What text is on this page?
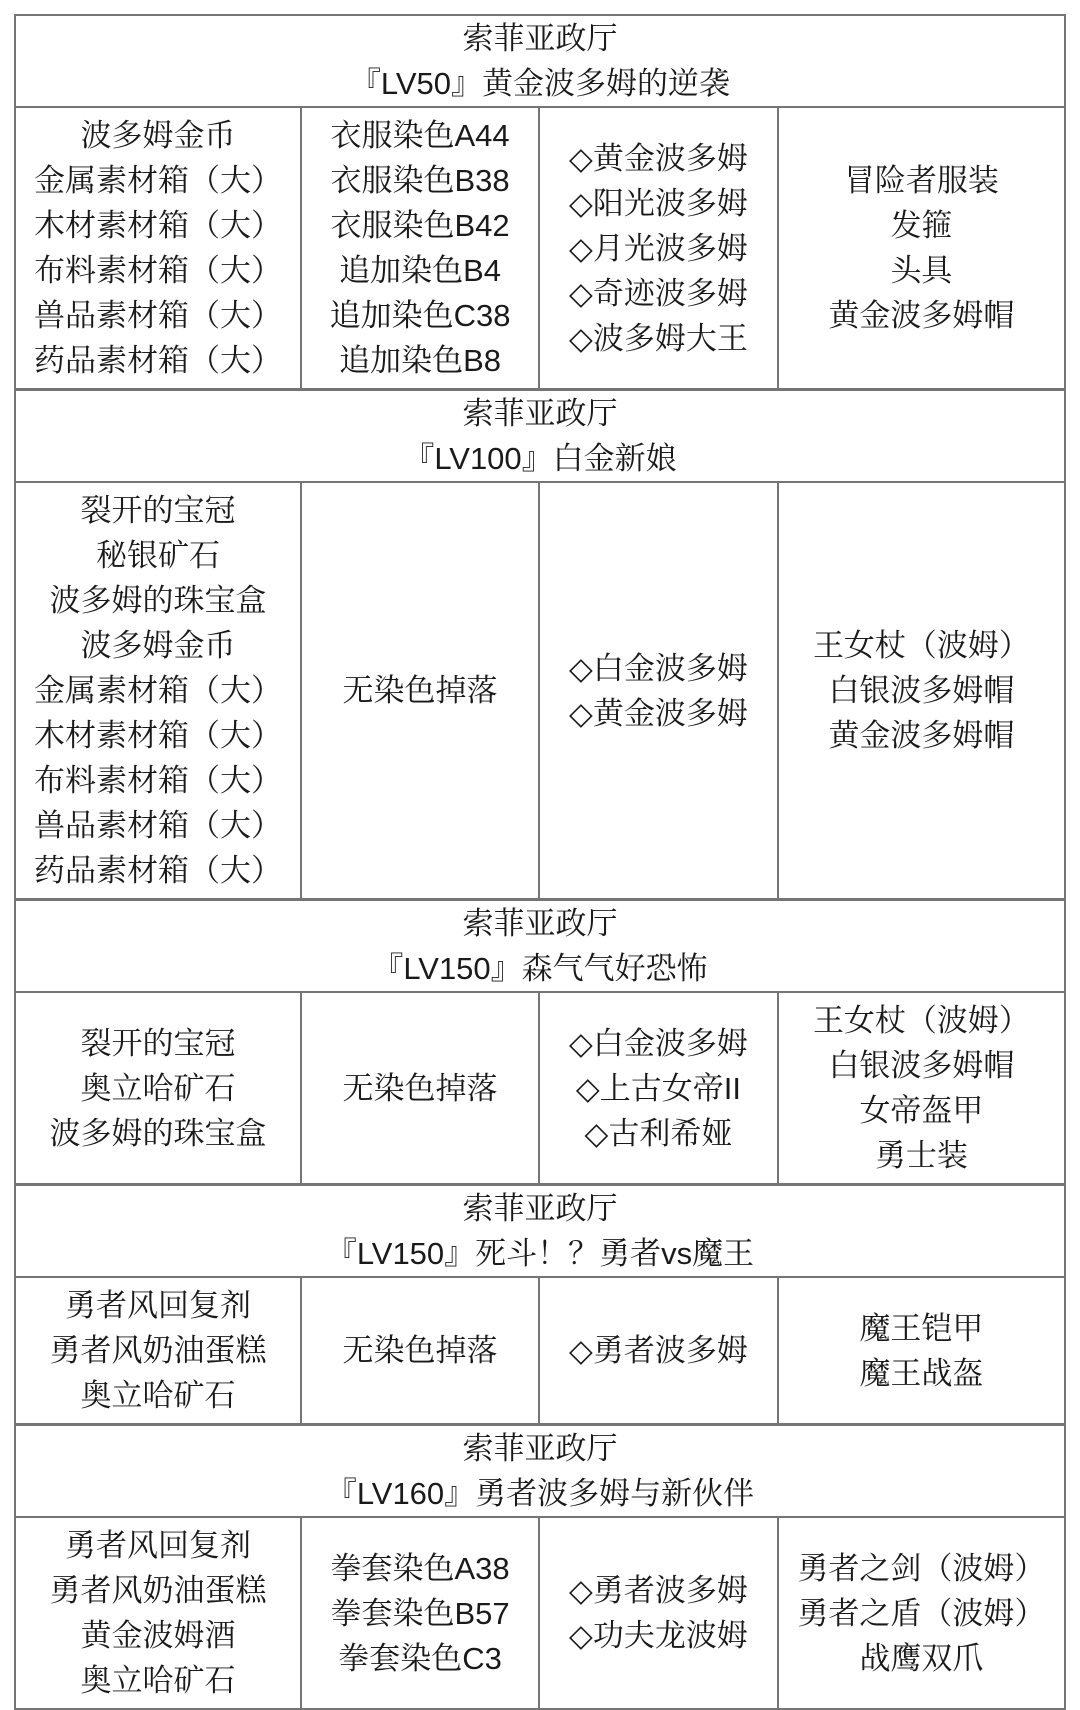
索菲亚政厅
『LV50』黄金波多姆的逆袭
波多姆金币
金属素材箱（大）
木材素材箱（大）
布料素材箱（大）
兽品素材箱（大）
药品素材箱（大）
衣服染色A44
衣服染色B38
衣服染色B42
追加染色B4
追加染色C38
追加染色B8
◇黄金波多姆
◇阳光波多姆
◇月光波多姆
◇奇迹波多姆
◇波多姆大王
冒险者服装
发箍
头具
黄金波多姆帽
索菲亚政厅
『LV100』白金新娘
裂开的宝冠
秘银矿石
波多姆的珠宝盒
波多姆金币
金属素材箱（大）
木材素材箱（大）
布料素材箱（大）
兽品素材箱（大）
药品素材箱（大）
无染色掉落
◇白金波多姆
◇黄金波多姆
王女杖（波姆）
白银波多姆帽
黄金波多姆帽
索菲亚政厅
『LV150』森气气好恐怖
裂开的宝冠
奥立哈矿石
波多姆的珠宝盒
无染色掉落
◇白金波多姆
◇上古女帝II
◇古利希娅
王女杖（波姆）
白银波多姆帽
女帝盔甲
勇士装
索菲亚政厅
『LV150』死斗！？勇者vs魔王
勇者风回复剂
勇者风奶油蛋糕
奥立哈矿石
无染色掉落	◇勇者波多姆
魔王铠甲
魔王战盔
索菲亚政厅
『LV160』勇者波多姆与新伙伴
勇者风回复剂
勇者风奶油蛋糕
黄金波姆酒
奥立哈矿石
拳套染色A38
拳套染色B57
拳套染色C3
◇勇者波多姆
◇功夫龙波姆
勇者之剑（波姆）
勇者之盾（波姆）
战鹰双爪
